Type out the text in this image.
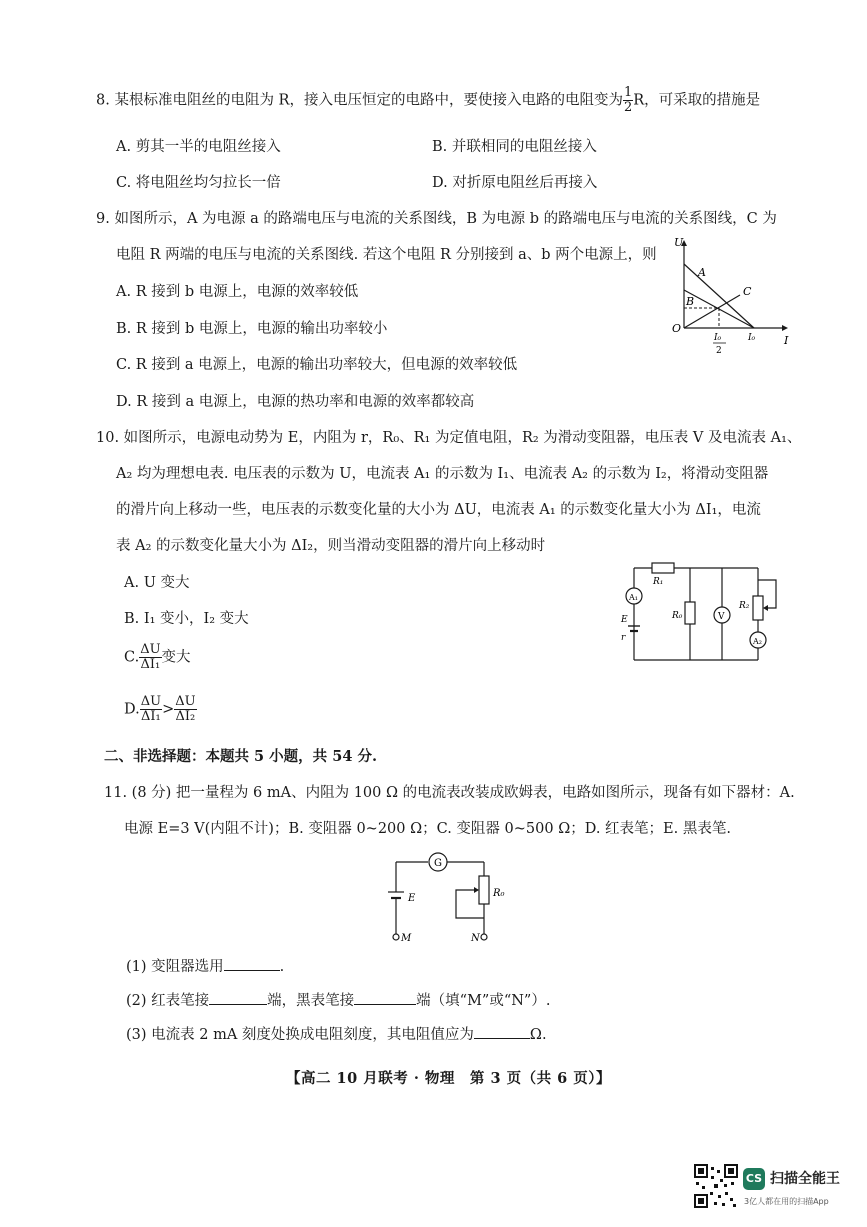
8. 某根标准电阻丝的电阻为 R，接入电压恒定的电路中，要使接入电路的电阻变为 $\frac{1}{2}$ R，可采取的措施是
A. 剪其一半的电阻丝接入	B. 并联相同的电阻丝接入
C. 将电阻丝均匀拉长一倍	D. 对折原电阻丝后再接入
9. 如图所示，A 为电源 a 的路端电压与电流的关系图线，B 为电源 b 的路端电压与电流的关系图线，C 为
电阻 R 两端的电压与电流的关系图线. 若这个电阻 R 分别接到 a、b 两个电源上，则
A. R 接到 b 电源上，电源的效率较低
B. R 接到 b 电源上，电源的输出功率较小
C. R 接到 a 电源上，电源的输出功率较大，但电源的效率较低
D. R 接到 a 电源上，电源的热功率和电源的效率都较高
U
I
O
A
B
C
I₀
2
I₀
10. 如图所示，电源电动势为 E，内阻为 r，R₀、R₁ 为定值电阻，R₂ 为滑动变阻器，电压表 V 及电流表 A₁、
A₂ 均为理想电表. 电压表的示数为 U，电流表 A₁ 的示数为 I₁、电流表 A₂ 的示数为 I₂，将滑动变阻器
的滑片向上移动一些，电压表的示数变化量的大小为 ΔU，电流表 A₁ 的示数变化量大小为 ΔI₁，电流
表 A₂ 的示数变化量大小为 ΔI₂，则当滑动变阻器的滑片向上移动时
A. U 变大
B. I₁ 变小，I₂ 变大
C. $\frac{\Delta U}{\text{ΔI₁}}$ 变大
D. $\frac{\Delta U}{\text{ΔI₁}} > \frac{\Delta U}{\text{ΔI₂}}$
A₁
E
r
R₀	V
R₂
A₂
R₁
二、非选择题：本题共 5 小题，共 54 分.
11. (8 分) 把一量程为 6 mA、内阻为 100 Ω 的电流表改装成欧姆表，电路如图所示，现备有如下器材：A.
电源 E=3 V(内阻不计)；B. 变阻器 0~200 Ω；C. 变阻器 0~500 Ω；D. 红表笔；E. 黑表笔.
G
R₀
E
M	N
(1) 变阻器选用	.
(2) 红表笔接	端，黑表笔接	端（填“M”或“N”）.
(3) 电流表 2 mA 刻度处换成电阻刻度，其电阻值应为	Ω.
【高二 10 月联考 · 物理　第 3 页（共 6 页）】
CS 扫描全能王
3亿人都在用的扫描App
